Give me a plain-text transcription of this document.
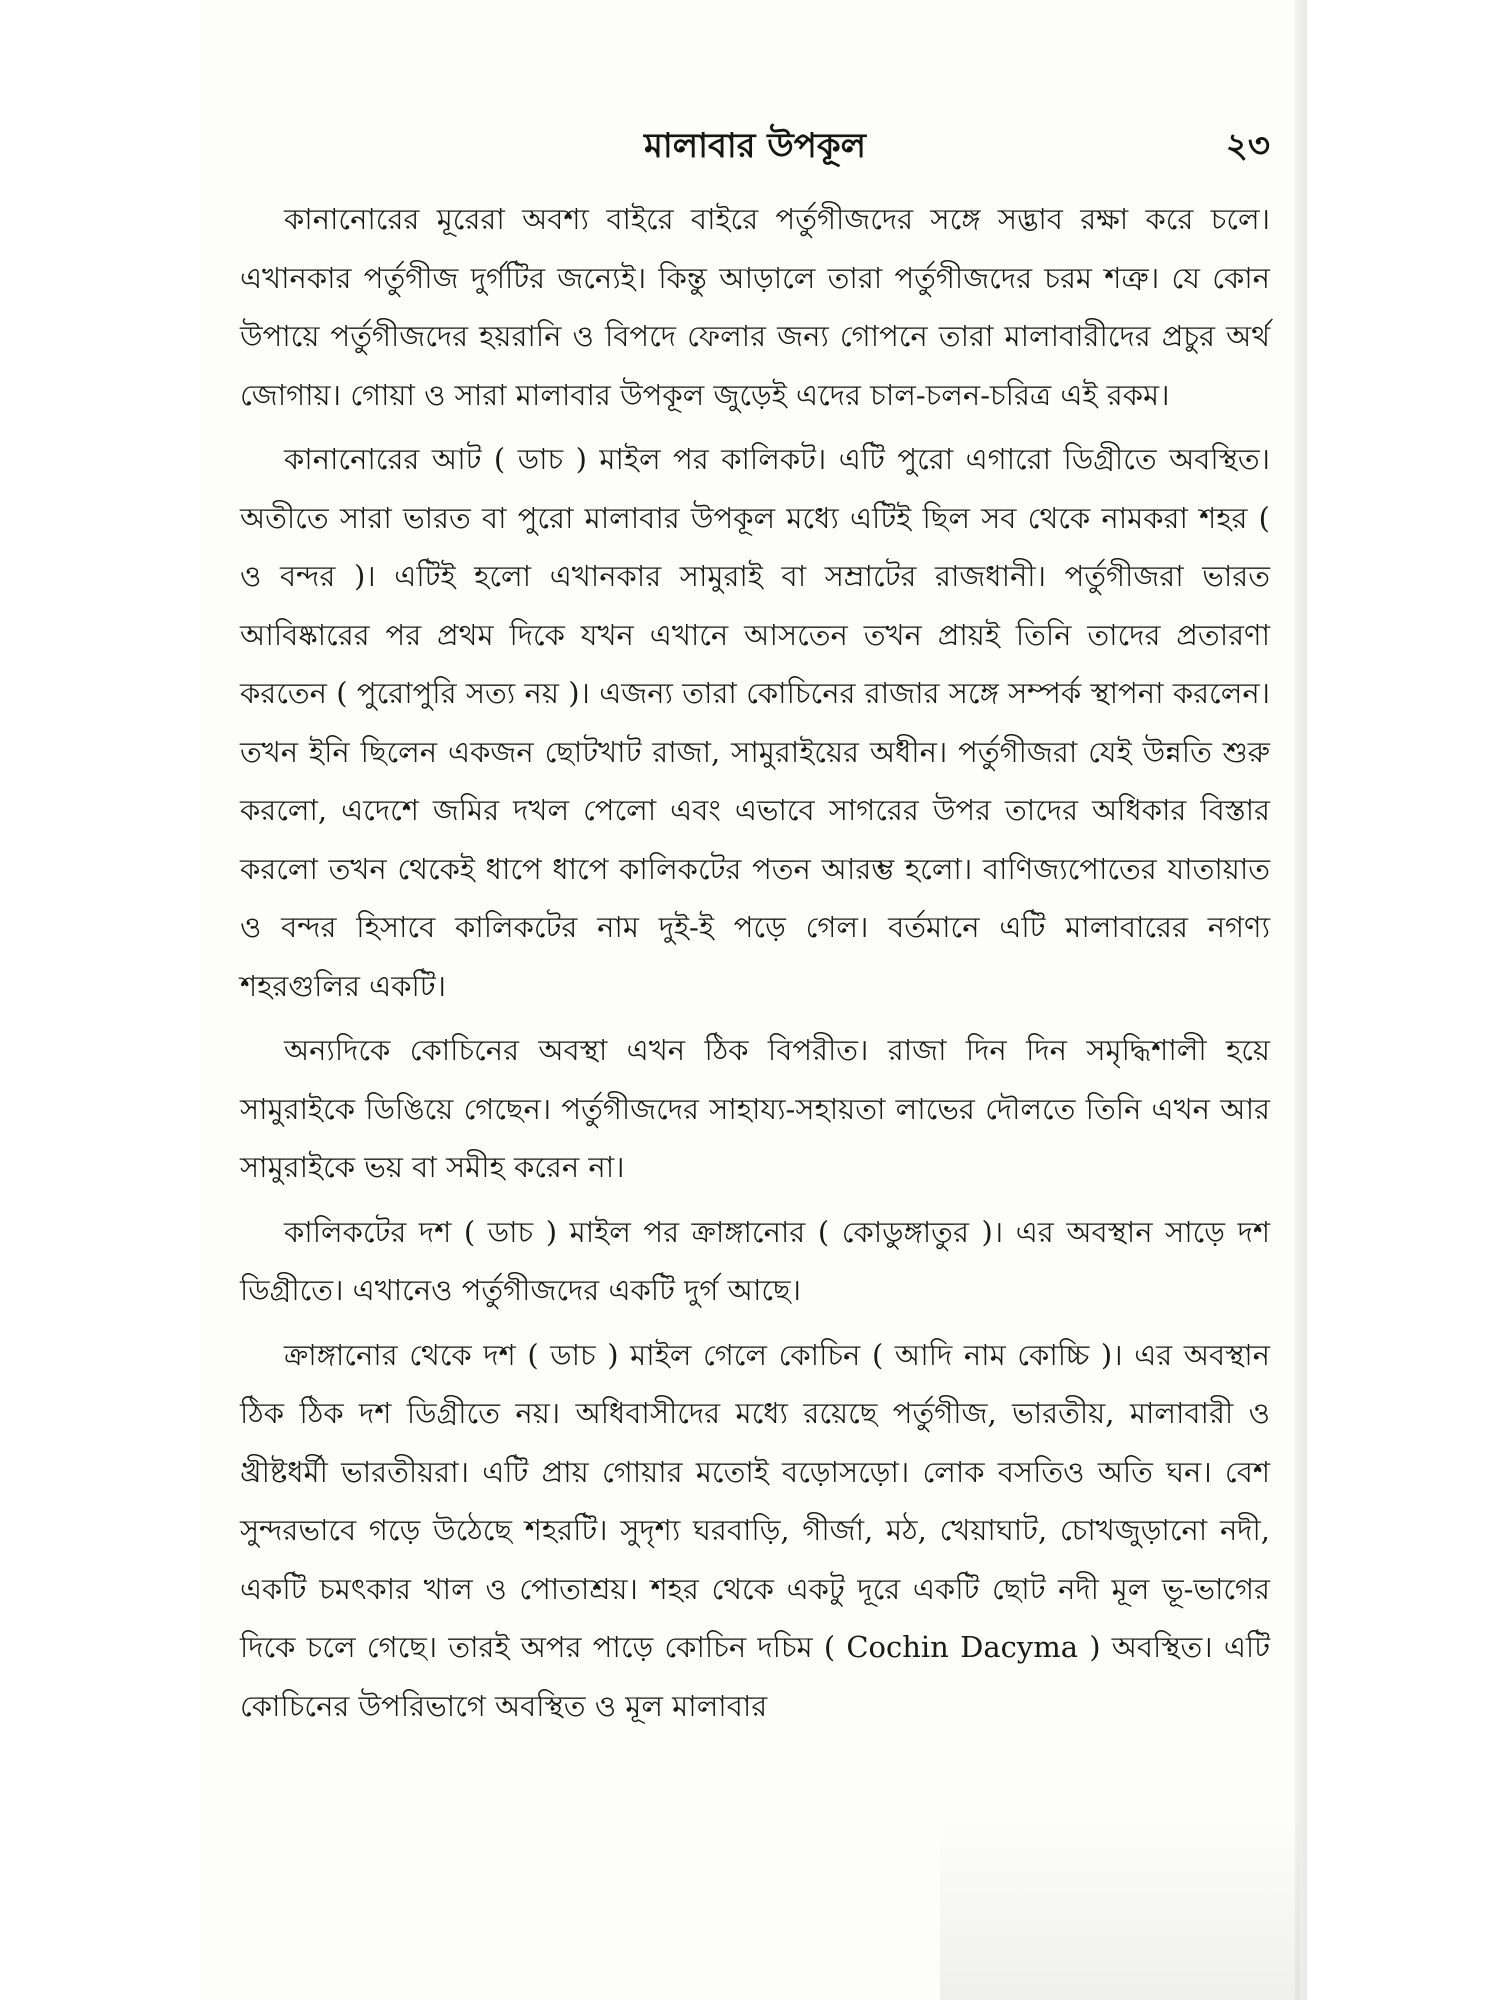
মালাবার উপকূল	২৩

কানানোরের মূরেরা অবশ্য বাইরে বাইরে পর্তুগীজদের সঙ্গে সদ্ভাব রক্ষা করে চলে। এখানকার পর্তুগীজ দুর্গটির জন্যেই। কিন্তু আড়ালে তারা পর্তুগীজদের চরম শত্রু। যে কোন উপায়ে পর্তুগীজদের হয়রানি ও বিপদে ফেলার জন্য গোপনে তারা মালাবারীদের প্রচুর অর্থ জোগায়। গোয়া ও সারা মালাবার উপকূল জুড়েই এদের চাল-চলন-চরিত্র এই রকম।

কানানোরের আট ( ডাচ ) মাইল পর কালিকট। এটি পুরো এগারো ডিগ্রীতে অবস্থিত। অতীতে সারা ভারত বা পুরো মালাবার উপকূল মধ্যে এটিই ছিল সব থেকে নামকরা শহর ( ও বন্দর )। এটিই হলো এখানকার সামুরাই বা সম্রাটের রাজধানী। পর্তুগীজরা ভারত আবিষ্কারের পর প্রথম দিকে যখন এখানে আসতেন তখন প্রায়ই তিনি তাদের প্রতারণা করতেন ( পুরোপুরি সত্য নয় )। এজন্য তারা কোচিনের রাজার সঙ্গে সম্পর্ক স্থাপনা করলেন। তখন ইনি ছিলেন একজন ছোটখাট রাজা, সামুরাইয়ের অধীন। পর্তুগীজরা যেই উন্নতি শুরু করলো, এদেশে জমির দখল পেলো এবং এভাবে সাগরের উপর তাদের অধিকার বিস্তার করলো তখন থেকেই ধাপে ধাপে কালিকটের পতন আরম্ভ হলো। বাণিজ্যপোতের যাতায়াত ও বন্দর হিসাবে কালিকটের নাম দুই-ই পড়ে গেল। বর্তমানে এটি মালাবারের নগণ্য শহরগুলির একটি।

অন্যদিকে কোচিনের অবস্থা এখন ঠিক বিপরীত। রাজা দিন দিন সমৃদ্ধিশালী হয়ে সামুরাইকে ডিঙিয়ে গেছেন। পর্তুগীজদের সাহায্য-সহায়তা লাভের দৌলতে তিনি এখন আর সামুরাইকে ভয় বা সমীহ করেন না।

কালিকটের দশ ( ডাচ ) মাইল পর ক্রাঙ্গানোর ( কোডুঙ্গাতুর )। এর অবস্থান সাড়ে দশ ডিগ্রীতে। এখানেও পর্তুগীজদের একটি দুর্গ আছে।

ক্রাঙ্গানোর থেকে দশ ( ডাচ ) মাইল গেলে কোচিন ( আদি নাম কোচ্চি )। এর অবস্থান ঠিক ঠিক দশ ডিগ্রীতে নয়। অধিবাসীদের মধ্যে রয়েছে পর্তুগীজ, ভারতীয়, মালাবারী ও খ্রীষ্টধর্মী ভারতীয়রা। এটি প্রায় গোয়ার মতোই বড়োসড়ো। লোক বসতিও অতি ঘন। বেশ সুন্দরভাবে গড়ে উঠেছে শহরটি। সুদৃশ্য ঘরবাড়ি, গীর্জা, মঠ, খেয়াঘাট, চোখজুড়ানো নদী, একটি চমৎকার খাল ও পোতাশ্রয়। শহর থেকে একটু দূরে একটি ছোট নদী মূল ভূ-ভাগের দিকে চলে গেছে। তারই অপর পাড়ে কোচিন দচিম ( Cochin Dacyma ) অবস্থিত। এটি কোচিনের উপরিভাগে অবস্থিত ও মূল মালাবার
